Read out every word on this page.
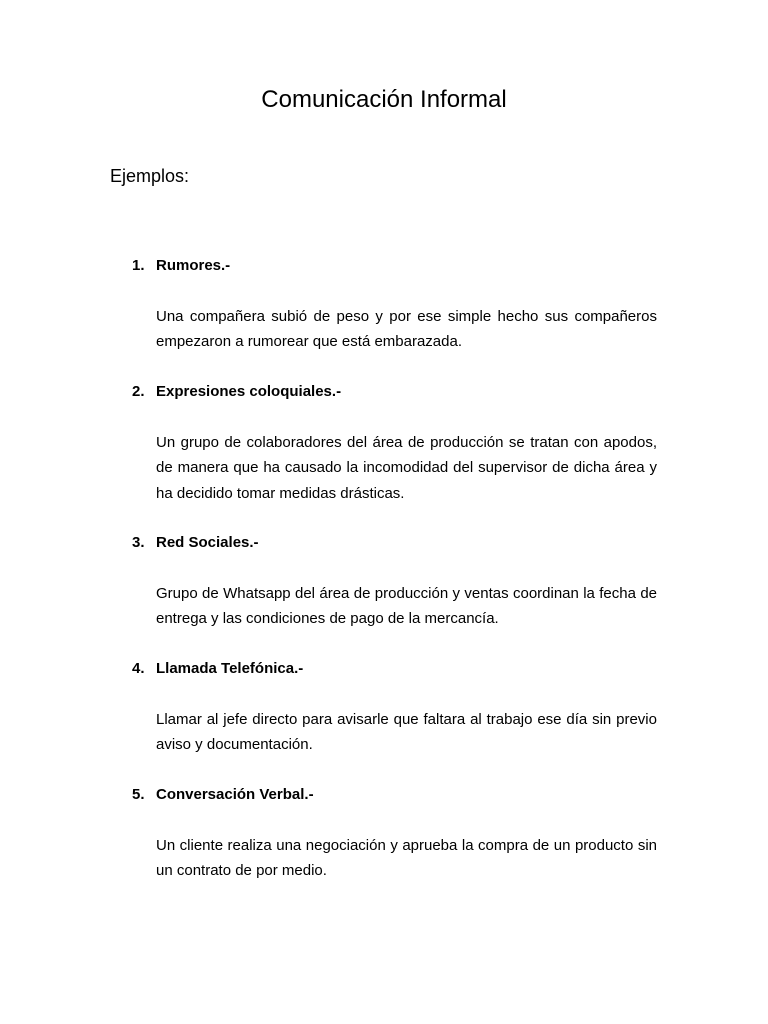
Comunicación Informal

Ejemplos:

1. Rumores.-

Una compañera subió de peso y por ese simple hecho sus compañeros empezaron a rumorear que está embarazada.

2. Expresiones coloquiales.-

Un grupo de colaboradores del área de producción se tratan con apodos, de manera que ha causado la incomodidad del supervisor de dicha área y ha decidido tomar medidas drásticas.

3. Red Sociales.-

Grupo de Whatsapp del área de producción y ventas coordinan la fecha de entrega y las condiciones de pago de la mercancía.

4. Llamada Telefónica.-

Llamar al jefe directo para avisarle que faltara al trabajo ese día sin previo aviso y documentación.

5. Conversación Verbal.-

Un cliente realiza una negociación y aprueba la compra de un producto sin un contrato de por medio.
